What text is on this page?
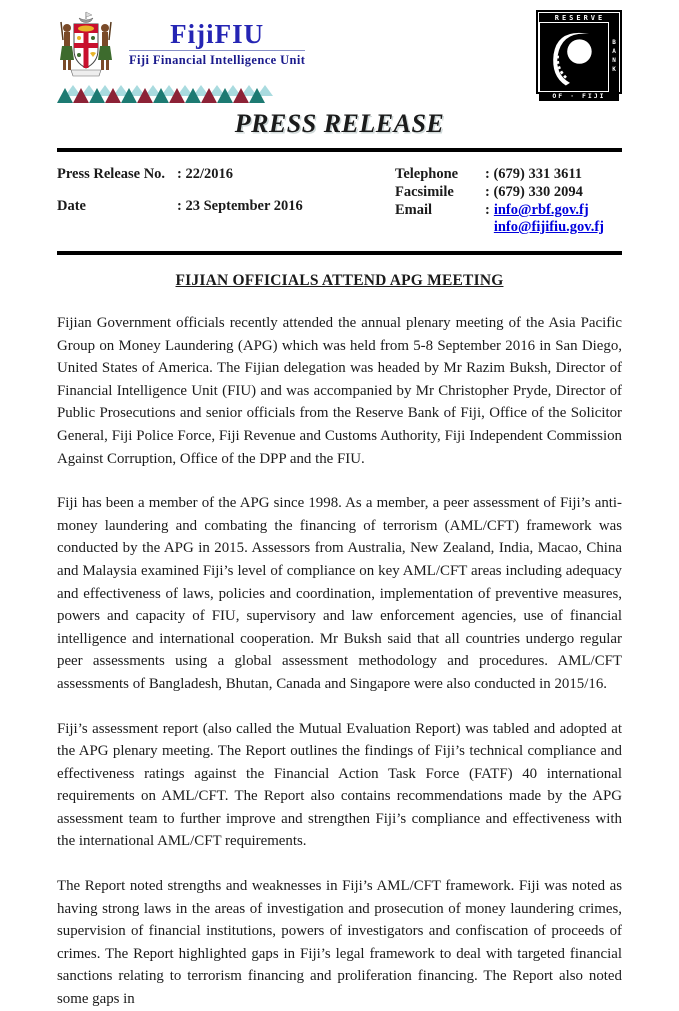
FijiFIU
Fiji Financial Intelligence Unit
RESERVE
BANK
OF · FIJI
PRESS RELEASE
Press Release No. : 22/2016
Date	: 23 September 2016
Telephone	: (679) 331 3611
Facsimile	: (679) 330 2094
Email	: info@rbf.gov.fj
info@fijifiu.gov.fj
FIJIAN OFFICIALS ATTEND APG MEETING

Fijian Government officials recently attended the annual plenary meeting of the Asia Pacific Group on Money Laundering (APG) which was held from 5-8 September 2016 in San Diego, United States of America. The Fijian delegation was headed by Mr Razim Buksh, Director of Financial Intelligence Unit (FIU) and was accompanied by Mr Christopher Pryde, Director of Public Prosecutions and senior officials from the Reserve Bank of Fiji, Office of the Solicitor General, Fiji Police Force, Fiji Revenue and Customs Authority, Fiji Independent Commission Against Corruption, Office of the DPP and the FIU.

Fiji has been a member of the APG since 1998. As a member, a peer assessment of Fiji’s anti-money laundering and combating the financing of terrorism (AML/CFT) framework was conducted by the APG in 2015. Assessors from Australia, New Zealand, India, Macao, China and Malaysia examined Fiji’s level of compliance on key AML/CFT areas including adequacy and effectiveness of laws, policies and coordination, implementation of preventive measures, powers and capacity of FIU, supervisory and law enforcement agencies, use of financial intelligence and international cooperation. Mr Buksh said that all countries undergo regular peer assessments using a global assessment methodology and procedures. AML/CFT assessments of Bangladesh, Bhutan, Canada and Singapore were also conducted in 2015/16.

Fiji’s assessment report (also called the Mutual Evaluation Report) was tabled and adopted at the APG plenary meeting. The Report outlines the findings of Fiji’s technical compliance and effectiveness ratings against the Financial Action Task Force (FATF) 40 international requirements on AML/CFT. The Report also contains recommendations made by the APG assessment team to further improve and strengthen Fiji’s compliance and effectiveness with the international AML/CFT requirements.

The Report noted strengths and weaknesses in Fiji’s AML/CFT framework. Fiji was noted as having strong laws in the areas of investigation and prosecution of money laundering crimes, supervision of financial institutions, powers of investigators and confiscation of proceeds of crimes. The Report highlighted gaps in Fiji’s legal framework to deal with targeted financial sanctions relating to terrorism financing and proliferation financing. The Report also noted some gaps in
